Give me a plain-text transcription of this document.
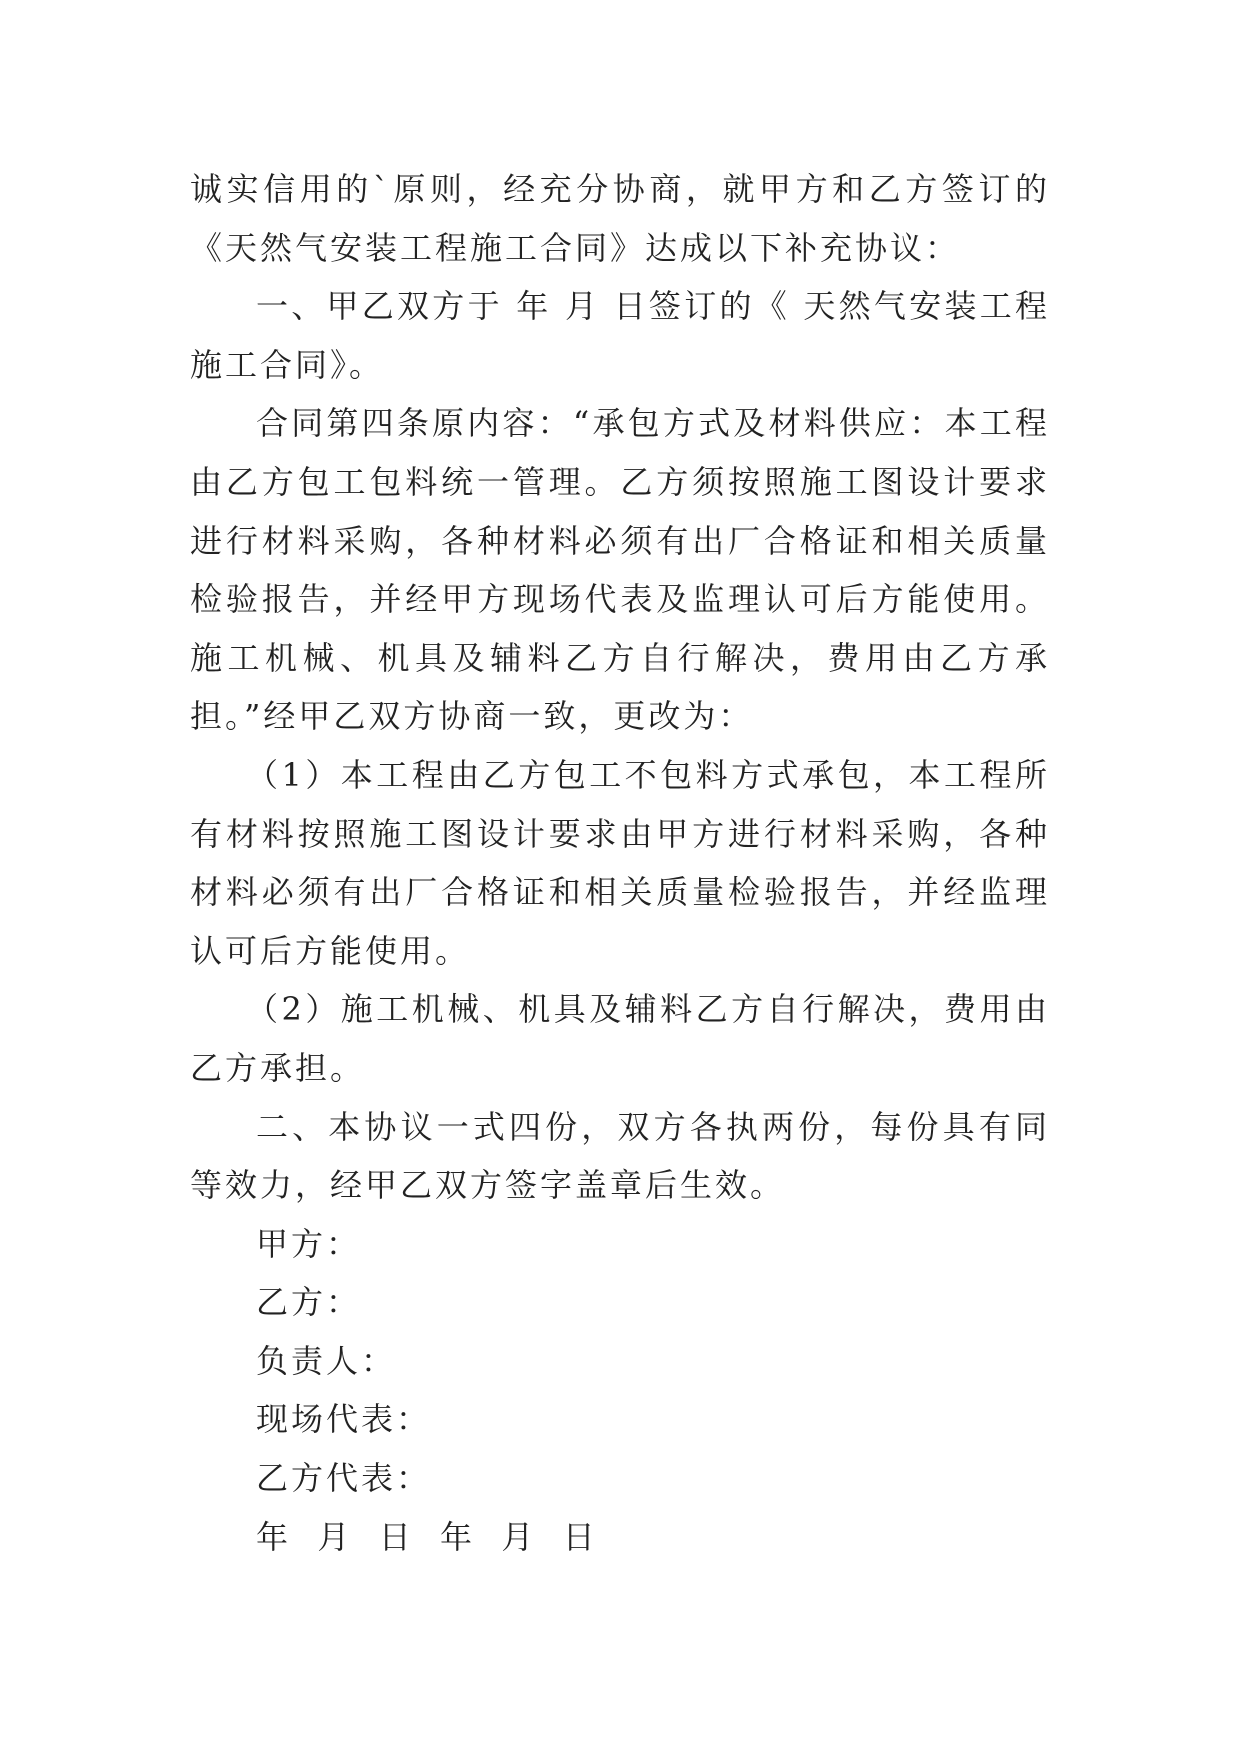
诚实信用的`原则，经充分协商，就甲方和乙方签订的《天然气安装工程施工合同》达成以下补充协议：

一、甲乙双方于 年 月 日签订的《 天然气安装工程施工合同》。

合同第四条原内容：“承包方式及材料供应：本工程由乙方包工包料统一管理。乙方须按照施工图设计要求进行材料采购，各种材料必须有出厂合格证和相关质量检验报告，并经甲方现场代表及监理认可后方能使用。施工机械、机具及辅料乙方自行解决，费用由乙方承担。”经甲乙双方协商一致，更改为：

（1）本工程由乙方包工不包料方式承包，本工程所有材料按照施工图设计要求由甲方进行材料采购，各种材料必须有出厂合格证和相关质量检验报告，并经监理认可后方能使用。

（2）施工机械、机具及辅料乙方自行解决，费用由乙方承担。

二、本协议一式四份，双方各执两份，每份具有同等效力，经甲乙双方签字盖章后生效。

甲方：

乙方：

负责人：

现场代表：

乙方代表：

年  月  日  年  月  日
